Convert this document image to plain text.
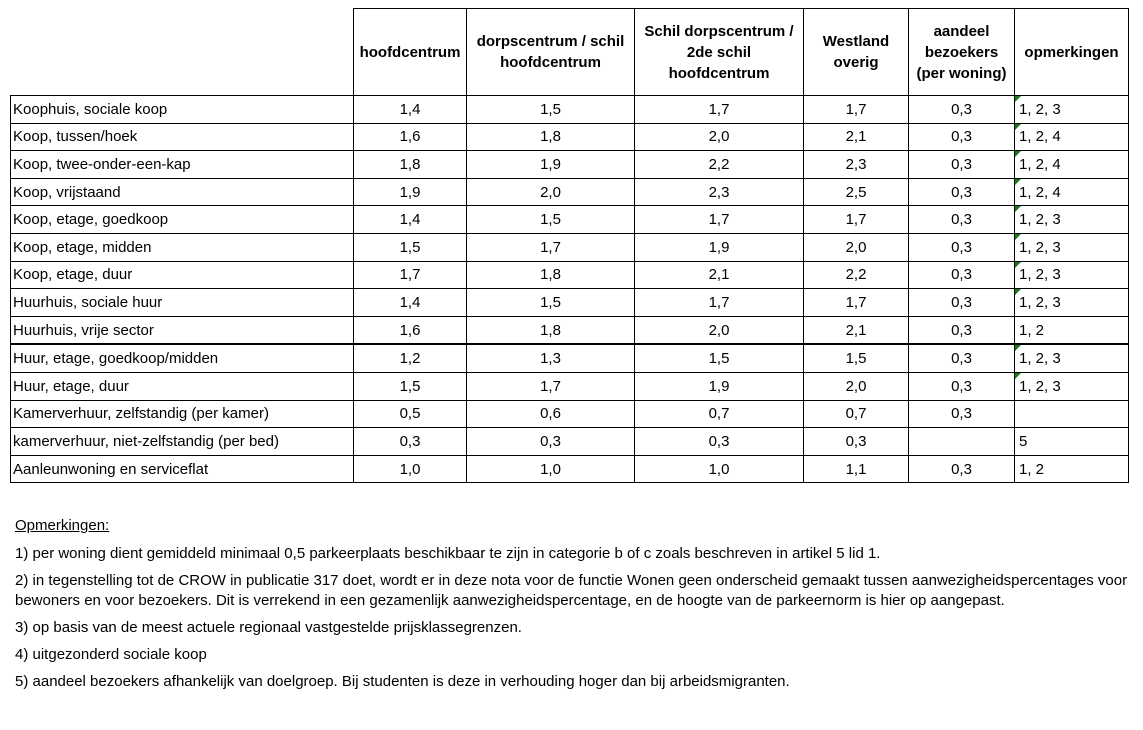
	hoofdcentrum	dorpscentrum / schil hoofdcentrum	Schil dorpscentrum / 2de schil hoofdcentrum	Westland overig	aandeel bezoekers (per woning)	opmerkingen
Koophuis, sociale koop	1,4	1,5	1,7	1,7	0,3	1, 2, 3
Koop, tussen/hoek	1,6	1,8	2,0	2,1	0,3	1, 2, 4
Koop, twee-onder-een-kap	1,8	1,9	2,2	2,3	0,3	1, 2, 4
Koop, vrijstaand	1,9	2,0	2,3	2,5	0,3	1, 2, 4
Koop, etage, goedkoop	1,4	1,5	1,7	1,7	0,3	1, 2, 3
Koop, etage, midden	1,5	1,7	1,9	2,0	0,3	1, 2, 3
Koop, etage, duur	1,7	1,8	2,1	2,2	0,3	1, 2, 3
Huurhuis, sociale huur	1,4	1,5	1,7	1,7	0,3	1, 2, 3
Huurhuis, vrije sector	1,6	1,8	2,0	2,1	0,3	1, 2
Huur, etage, goedkoop/midden	1,2	1,3	1,5	1,5	0,3	1, 2, 3
Huur, etage, duur	1,5	1,7	1,9	2,0	0,3	1, 2, 3
Kamerverhuur, zelfstandig (per kamer)	0,5	0,6	0,7	0,7	0,3	
kamerverhuur, niet-zelfstandig (per bed)	0,3	0,3	0,3	0,3		5
Aanleunwoning en serviceflat	1,0	1,0	1,0	1,1	0,3	1, 2
Opmerkingen:
1) per woning dient gemiddeld minimaal 0,5 parkeerplaats beschikbaar te zijn in categorie b of c zoals beschreven in artikel 5 lid 1.
2) in tegenstelling tot de CROW in publicatie 317 doet, wordt er in deze nota voor de functie Wonen geen onderscheid gemaakt tussen aanwezigheidspercentages voor bewoners en voor bezoekers. Dit is verrekend in een gezamenlijk aanwezigheidspercentage, en de hoogte van de parkeernorm is hier op aangepast.
3) op basis van de meest actuele regionaal vastgestelde prijsklassegrenzen.
4) uitgezonderd sociale koop
5) aandeel bezoekers afhankelijk van doelgroep. Bij studenten is deze in verhouding hoger dan bij arbeidsmigranten.
